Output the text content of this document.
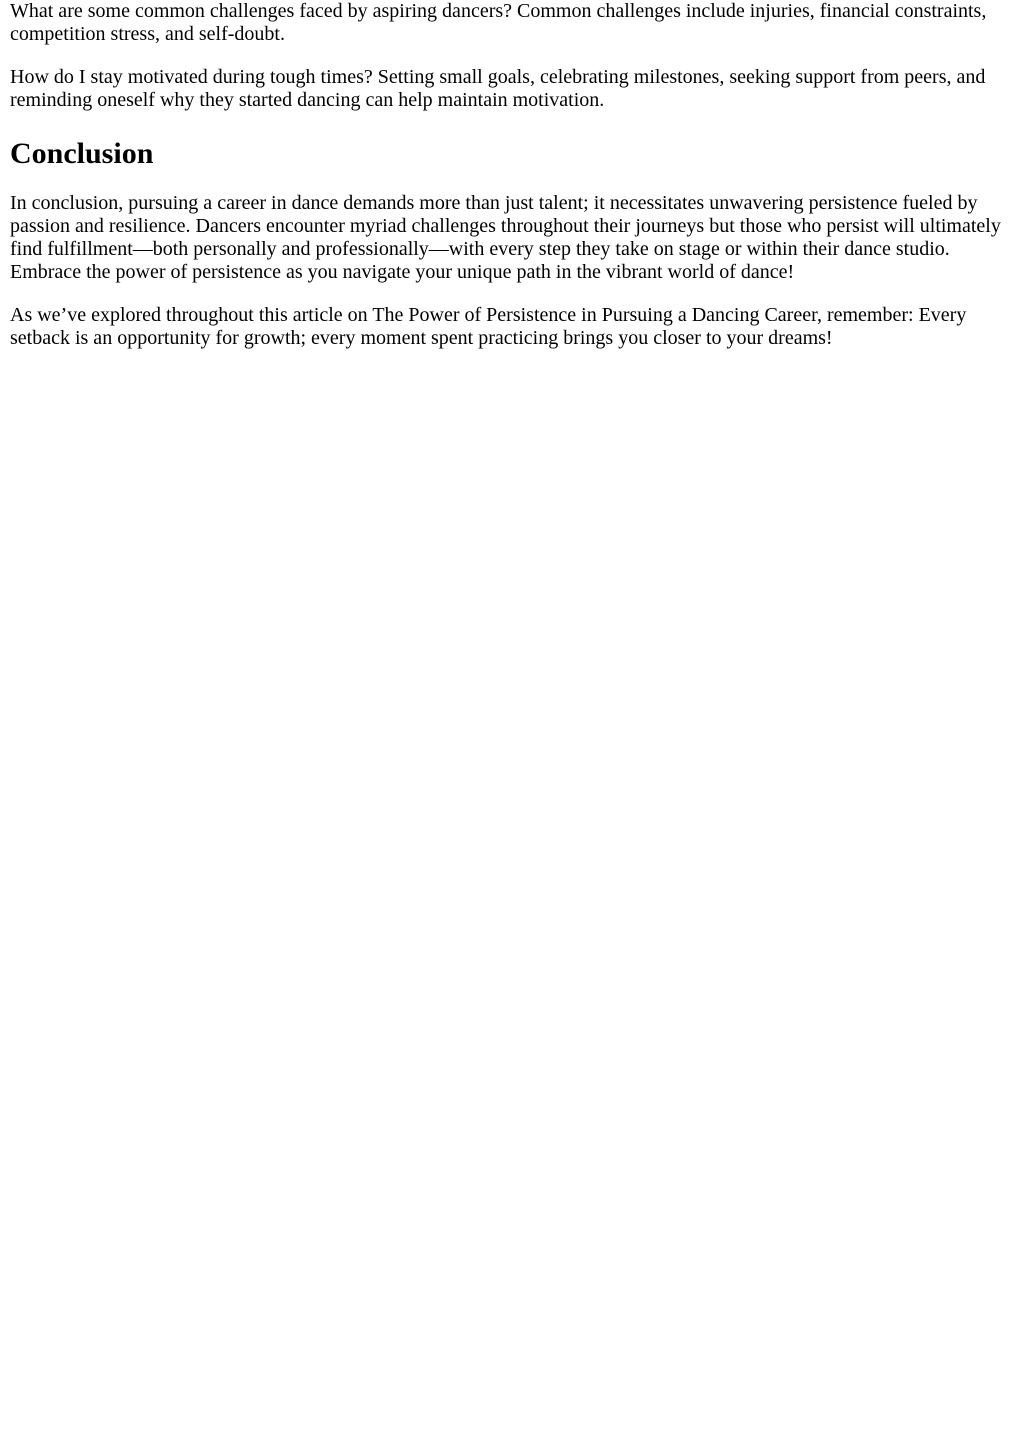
What are some common challenges faced by aspiring dancers? Common challenges include injuries, financial constraints, competition stress, and self-doubt.

How do I stay motivated during tough times? Setting small goals, celebrating milestones, seeking support from peers, and reminding oneself why they started dancing can help maintain motivation.

Conclusion

In conclusion, pursuing a career in dance demands more than just talent; it necessitates unwavering persistence fueled by passion and resilience. Dancers encounter myriad challenges throughout their journeys but those who persist will ultimately find fulfillment—both personally and professionally—with every step they take on stage or within their dance studio. Embrace the power of persistence as you navigate your unique path in the vibrant world of dance!

As we’ve explored throughout this article on The Power of Persistence in Pursuing a Dancing Career, remember: Every setback is an opportunity for growth; every moment spent practicing brings you closer to your dreams!
